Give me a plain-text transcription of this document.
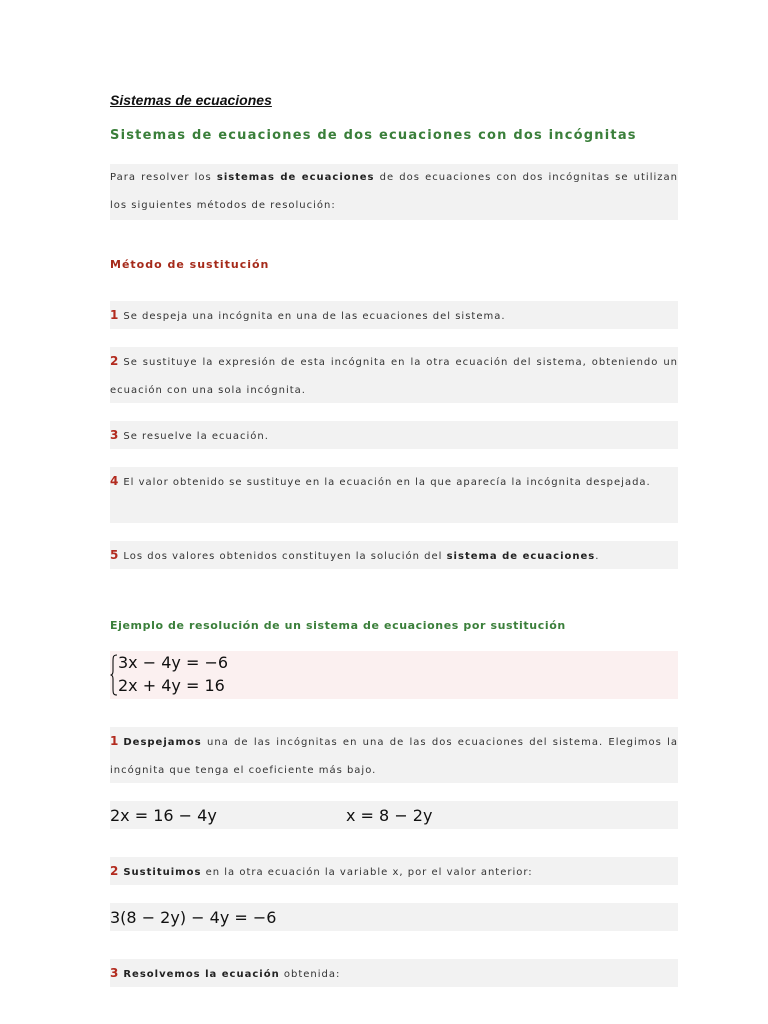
Sistemas de ecuaciones
Sistemas de ecuaciones de dos ecuaciones con dos incógnitas
Para resolver los sistemas de ecuaciones de dos ecuaciones con dos incógnitas se utilizan los siguientes métodos de resolución:
Método de sustitución
1 Se despeja una incógnita en una de las ecuaciones del sistema.
2 Se sustituye la expresión de esta incógnita en la otra ecuación del sistema, obteniendo un ecuación con una sola incógnita.
3 Se resuelve la ecuación.
4 El valor obtenido se sustituye en la ecuación en la que aparecía la incógnita despejada.
5 Los dos valores obtenidos constituyen la solución del sistema de ecuaciones.
Ejemplo de resolución de un sistema de ecuaciones por sustitución
3x − 4y = −6
2x + 4y = 16
1 Despejamos una de las incógnitas en una de las dos ecuaciones del sistema. Elegimos la incógnita que tenga el coeficiente más bajo.
2x = 16 − 4y	x = 8 − 2y
2 Sustituimos en la otra ecuación la variable x, por el valor anterior:
3(8 − 2y) − 4y = −6
3 Resolvemos la ecuación obtenida:
